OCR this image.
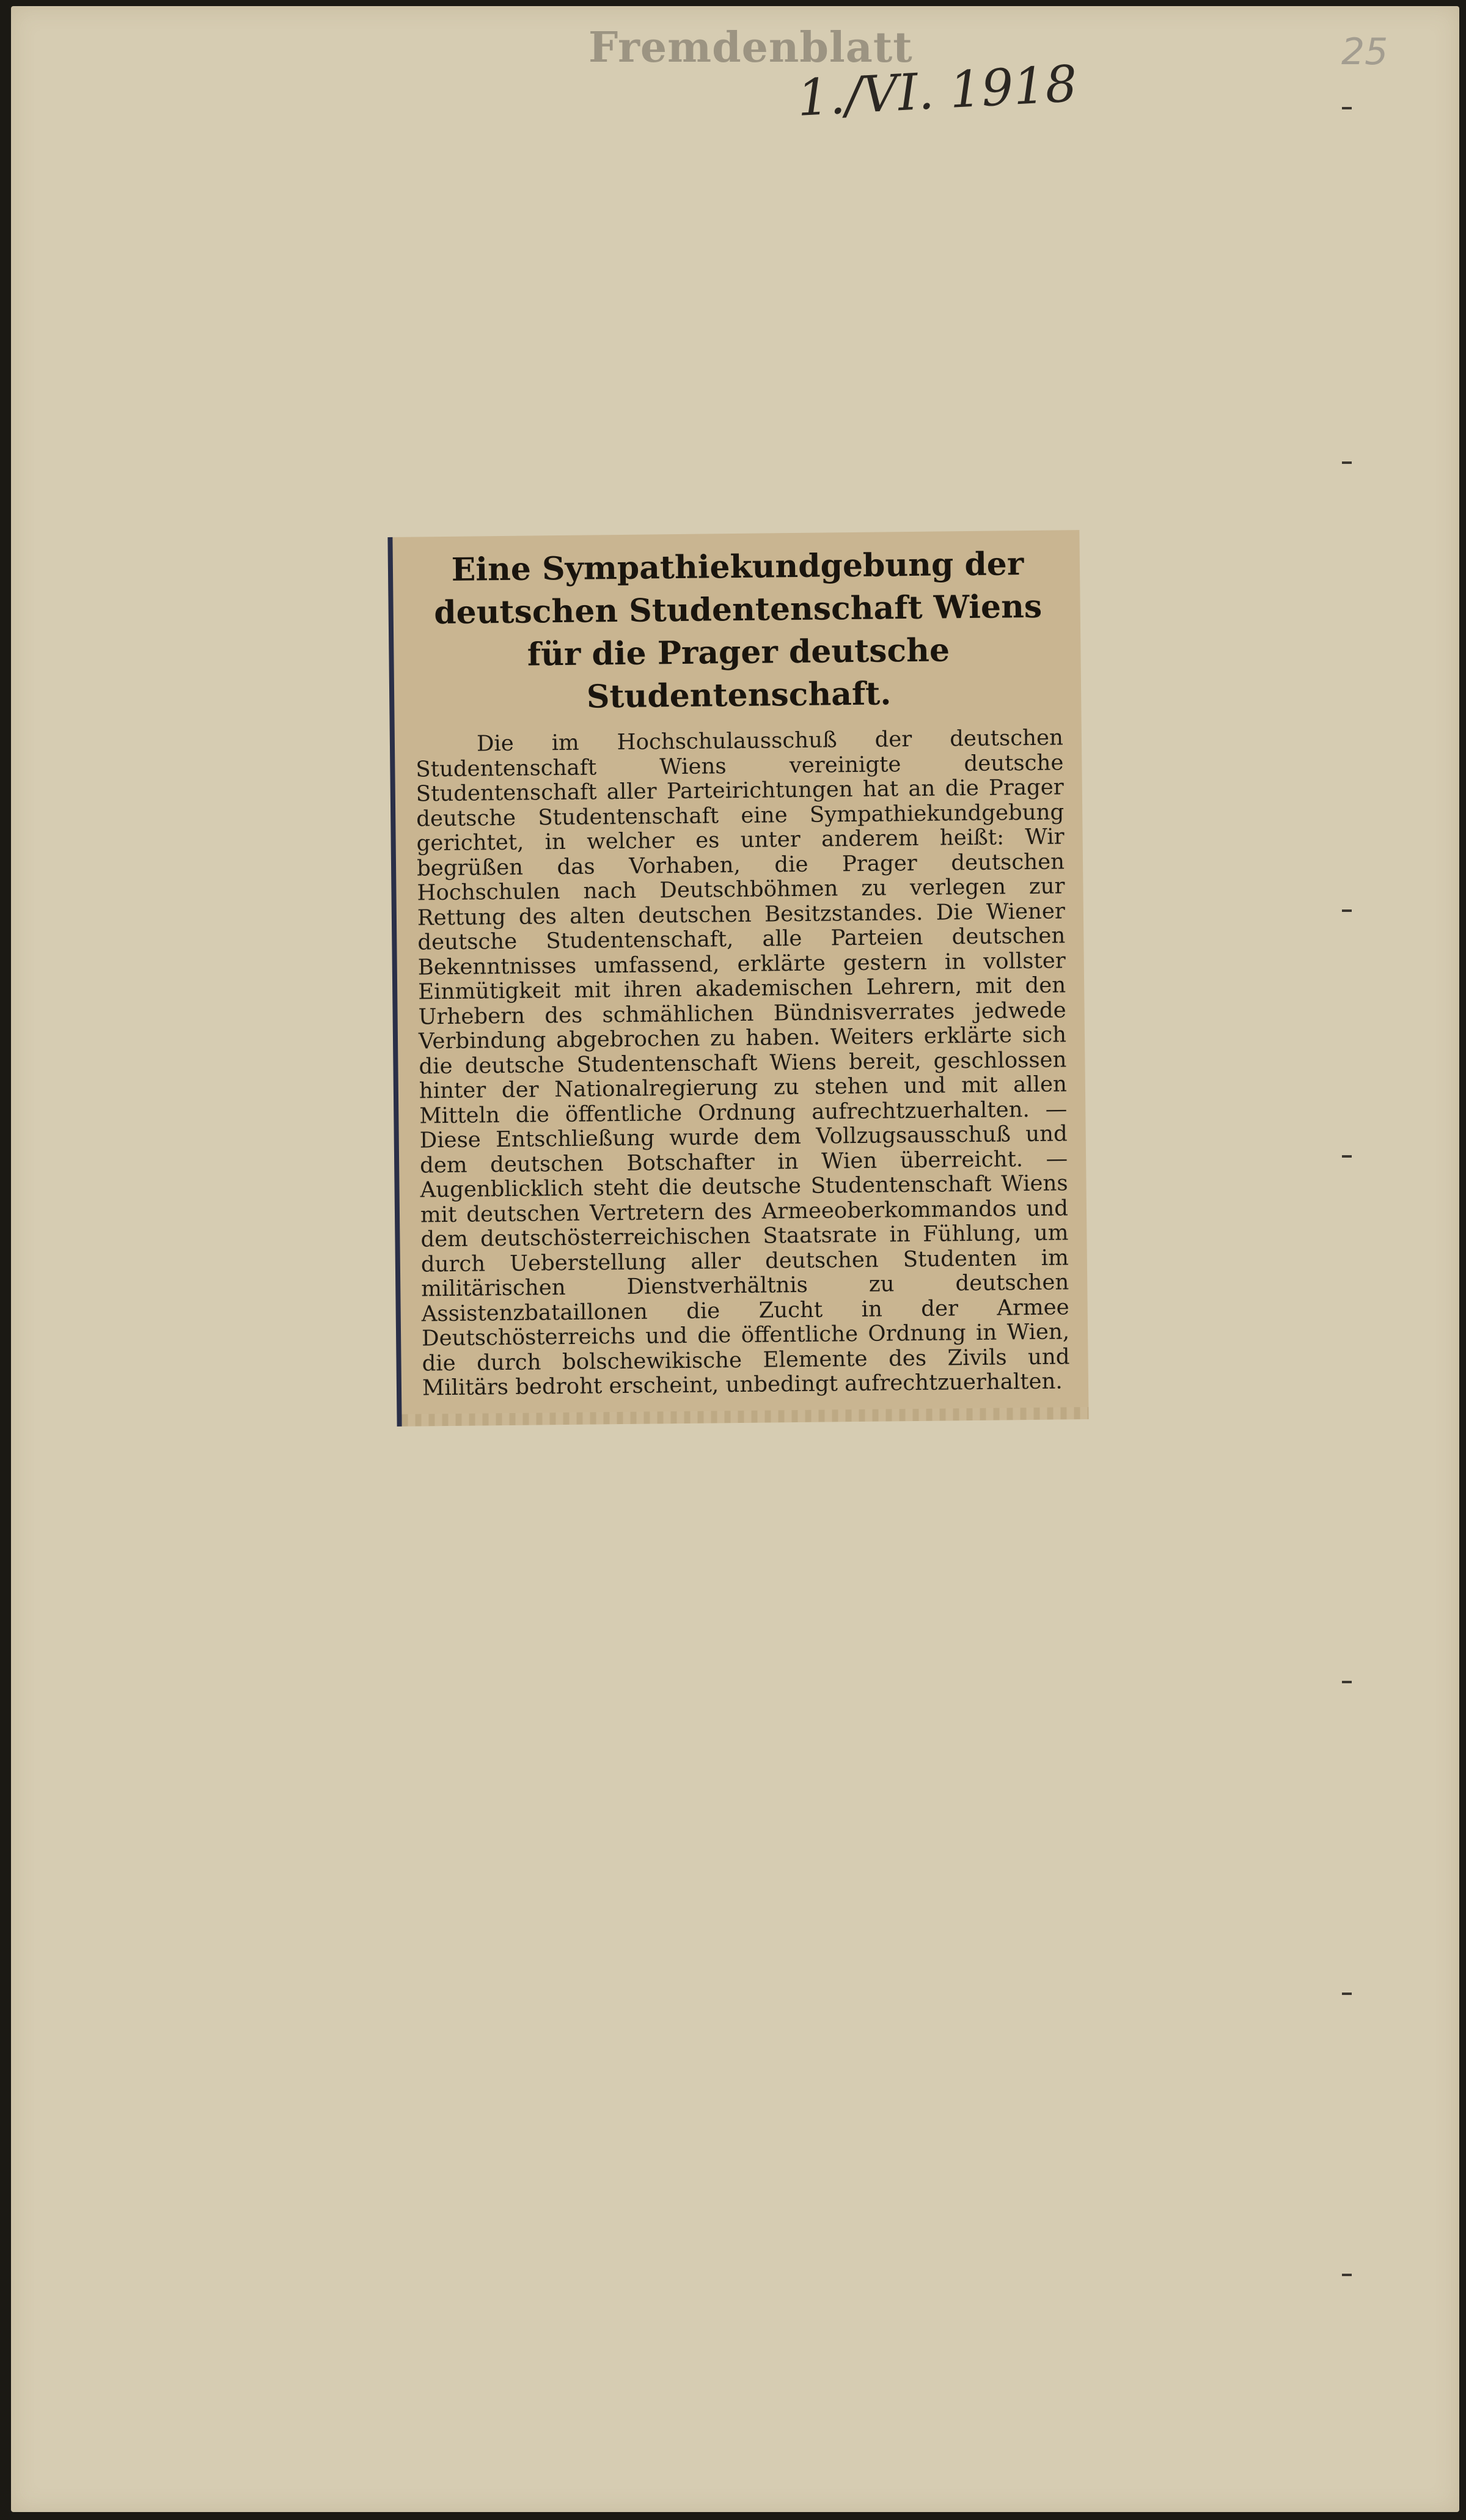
Fremdenblatt
1./VI. 1918
25
Eine Sympathiekundgebung der deutschen Studentenschaft Wiens für die Prager deutsche Studentenschaft.

Die im Hochschulausschuß der deutschen Studentenschaft Wiens vereinigte deutsche Studentenschaft aller Parteirichtungen hat an die Prager deutsche Studentenschaft eine Sympathiekundgebung gerichtet, in welcher es unter anderem heißt: Wir begrüßen das Vorhaben, die Prager deutschen Hochschulen nach Deutschböhmen zu verlegen zur Rettung des alten deutschen Besitzstandes. Die Wiener deutsche Studentenschaft, alle Parteien deutschen Bekenntnisses umfassend, erklärte gestern in vollster Einmütigkeit mit ihren akademischen Lehrern, mit den Urhebern des schmählichen Bündnisverrates jedwede Verbindung abgebrochen zu haben. Weiters erklärte sich die deutsche Studentenschaft Wiens bereit, geschlossen hinter der Nationalregierung zu stehen und mit allen Mitteln die öffentliche Ordnung aufrechtzuerhalten. — Diese Entschließung wurde dem Vollzugsausschuß und dem deutschen Botschafter in Wien überreicht. — Augenblicklich steht die deutsche Studentenschaft Wiens mit deutschen Vertretern des Armeeoberkommandos und dem deutschösterreichischen Staatsrate in Fühlung, um durch Ueberstellung aller deutschen Studenten im militärischen Dienstverhältnis zu deutschen Assistenzbataillonen die Zucht in der Armee Deutschösterreichs und die öffentliche Ordnung in Wien, die durch bolschewikische Elemente des Zivils und Militärs bedroht erscheint, unbedingt aufrechtzuerhalten.
